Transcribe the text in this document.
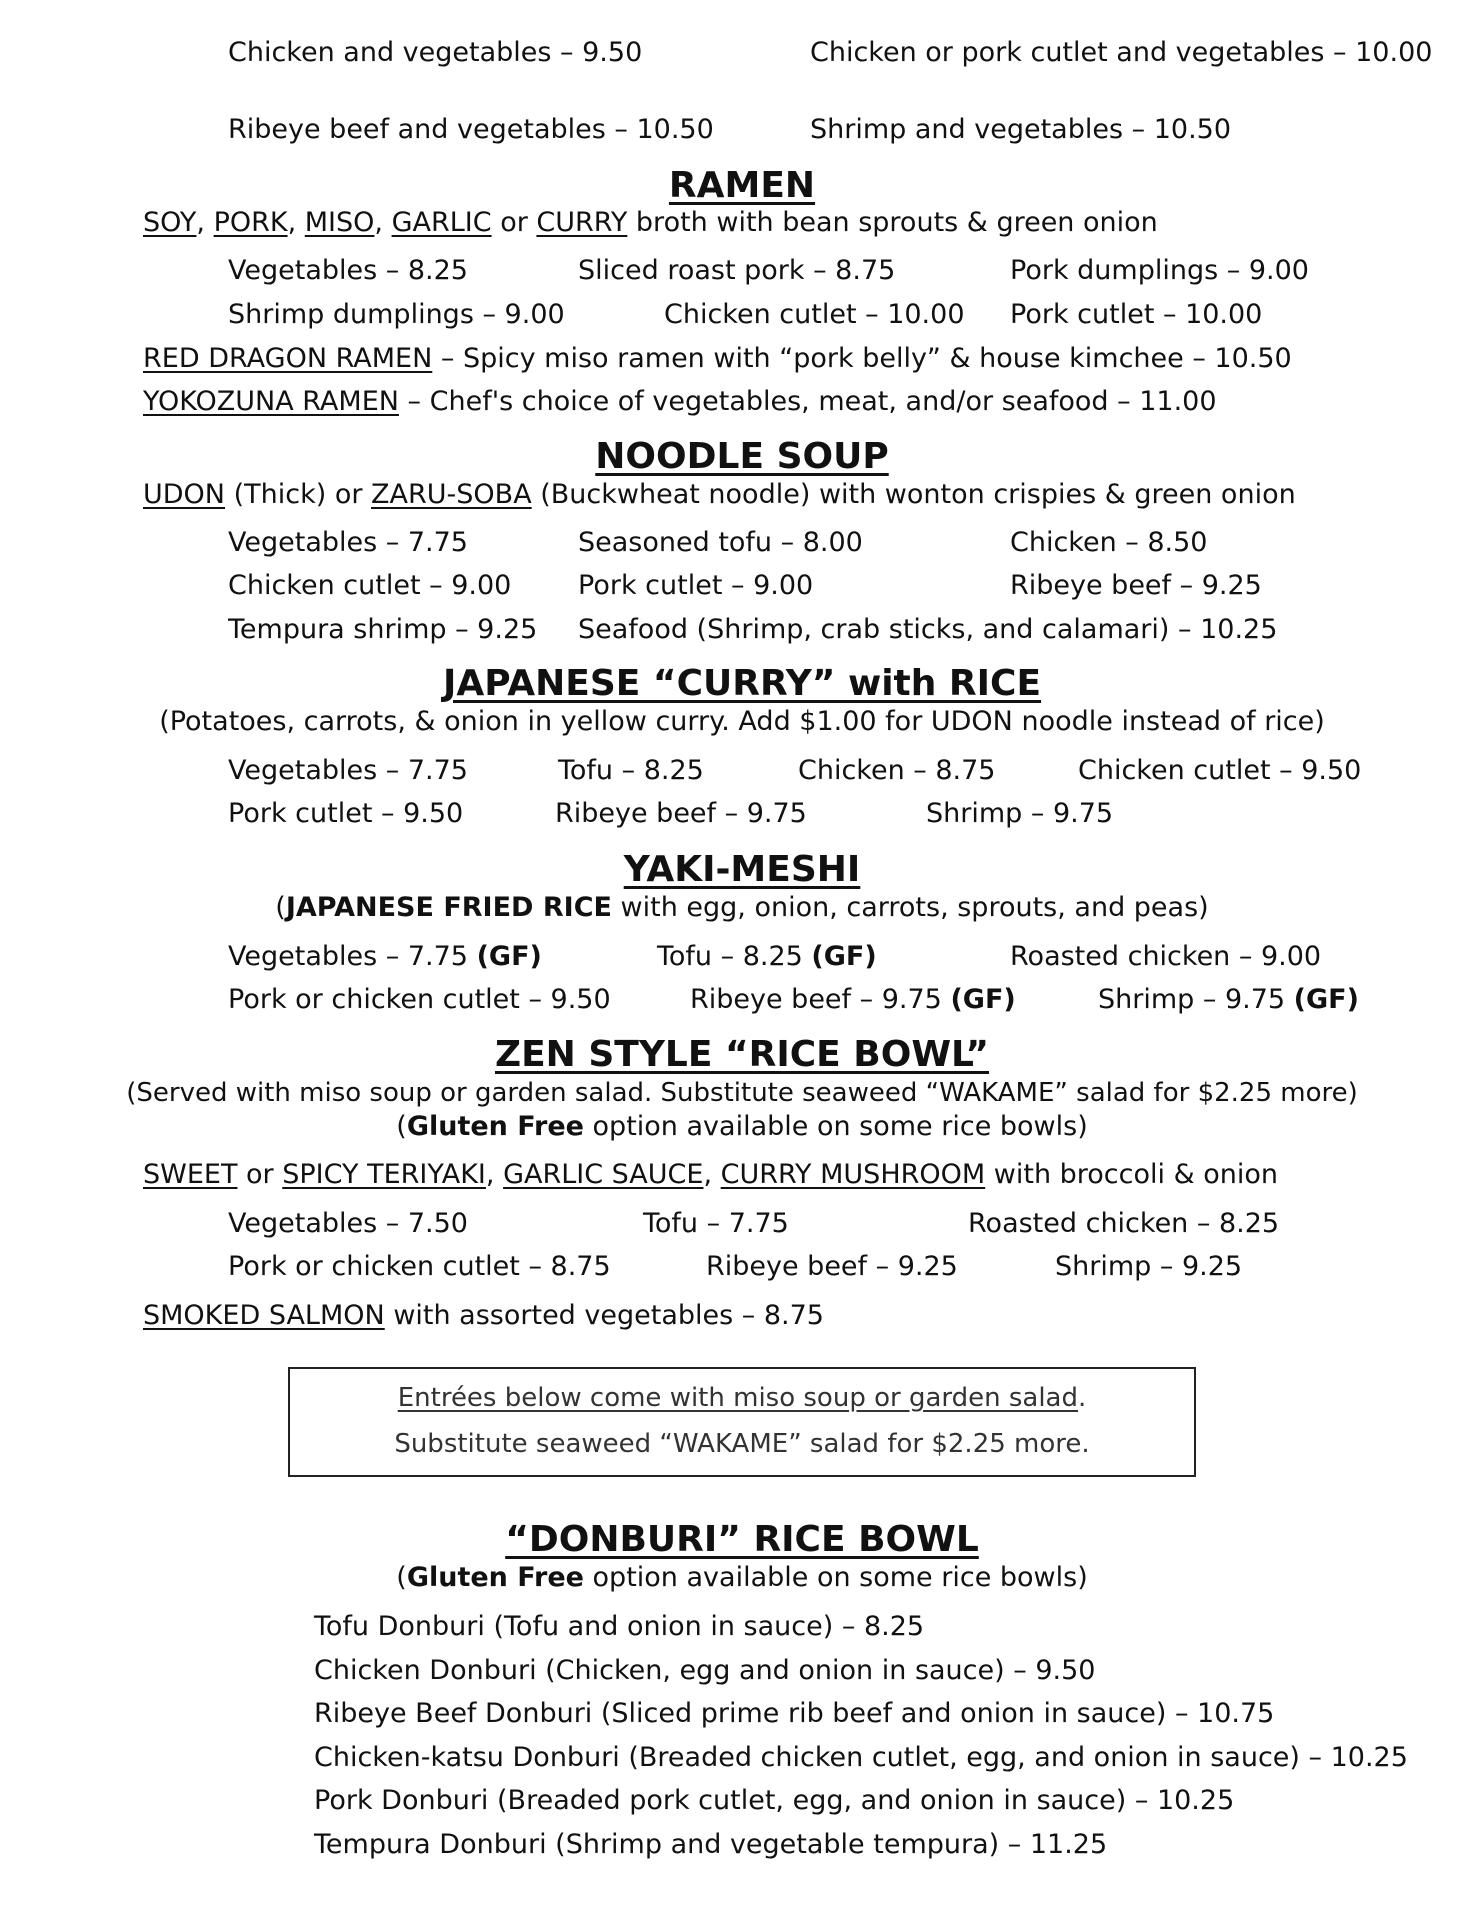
Chicken and vegetables – 9.50	Chicken or pork cutlet and vegetables – 10.00
Ribeye beef and vegetables – 10.50	Shrimp and vegetables – 10.50
RAMEN
SOY, PORK, MISO, GARLIC or CURRY broth with bean sprouts & green onion
Vegetables – 8.25	Sliced roast pork – 8.75	Pork dumplings – 9.00
Shrimp dumplings – 9.00	Chicken cutlet – 10.00 Pork cutlet – 10.00
RED DRAGON RAMEN – Spicy miso ramen with “pork belly” & house kimchee – 10.50
YOKOZUNA RAMEN – Chef's choice of vegetables, meat, and/or seafood – 11.00
NOODLE SOUP
UDON (Thick) or ZARU-SOBA (Buckwheat noodle) with wonton crispies & green onion
Vegetables – 7.75	Seasoned tofu – 8.00	Chicken – 8.50
Chicken cutlet – 9.00 Pork cutlet – 9.00	Ribeye beef – 9.25
Tempura shrimp – 9.25 Seafood (Shrimp, crab sticks, and calamari) – 10.25
JAPANESE “CURRY” with RICE
(Potatoes, carrots, & onion in yellow curry. Add $1.00 for UDON noodle instead of rice)
Vegetables – 7.75	Tofu – 8.25	Chicken – 8.75	Chicken cutlet – 9.50
Pork cutlet – 9.50	Ribeye beef – 9.75	Shrimp – 9.75
YAKI-MESHI
(JAPANESE FRIED RICE with egg, onion, carrots, sprouts, and peas)
Vegetables – 7.75 (GF)	Tofu – 8.25 (GF)	Roasted chicken – 9.00
Pork or chicken cutlet – 9.50	Ribeye beef – 9.75 (GF)	Shrimp – 9.75 (GF)
ZEN STYLE “RICE BOWL”
(Served with miso soup or garden salad. Substitute seaweed “WAKAME” salad for $2.25 more)
(Gluten Free option available on some rice bowls)
SWEET or SPICY TERIYAKI, GARLIC SAUCE, CURRY MUSHROOM with broccoli & onion
Vegetables – 7.50	Tofu – 7.75	Roasted chicken – 8.25
Pork or chicken cutlet – 8.75	Ribeye beef – 9.25	Shrimp – 9.25
SMOKED SALMON with assorted vegetables – 8.75
Entrées below come with miso soup or garden salad.
Substitute seaweed “WAKAME” salad for $2.25 more.
“DONBURI” RICE BOWL
(Gluten Free option available on some rice bowls)
Tofu Donburi (Tofu and onion in sauce) – 8.25
Chicken Donburi (Chicken, egg and onion in sauce) – 9.50
Ribeye Beef Donburi (Sliced prime rib beef and onion in sauce) – 10.75
Chicken-katsu Donburi (Breaded chicken cutlet, egg, and onion in sauce) – 10.25
Pork Donburi (Breaded pork cutlet, egg, and onion in sauce) – 10.25
Tempura Donburi (Shrimp and vegetable tempura) – 11.25
